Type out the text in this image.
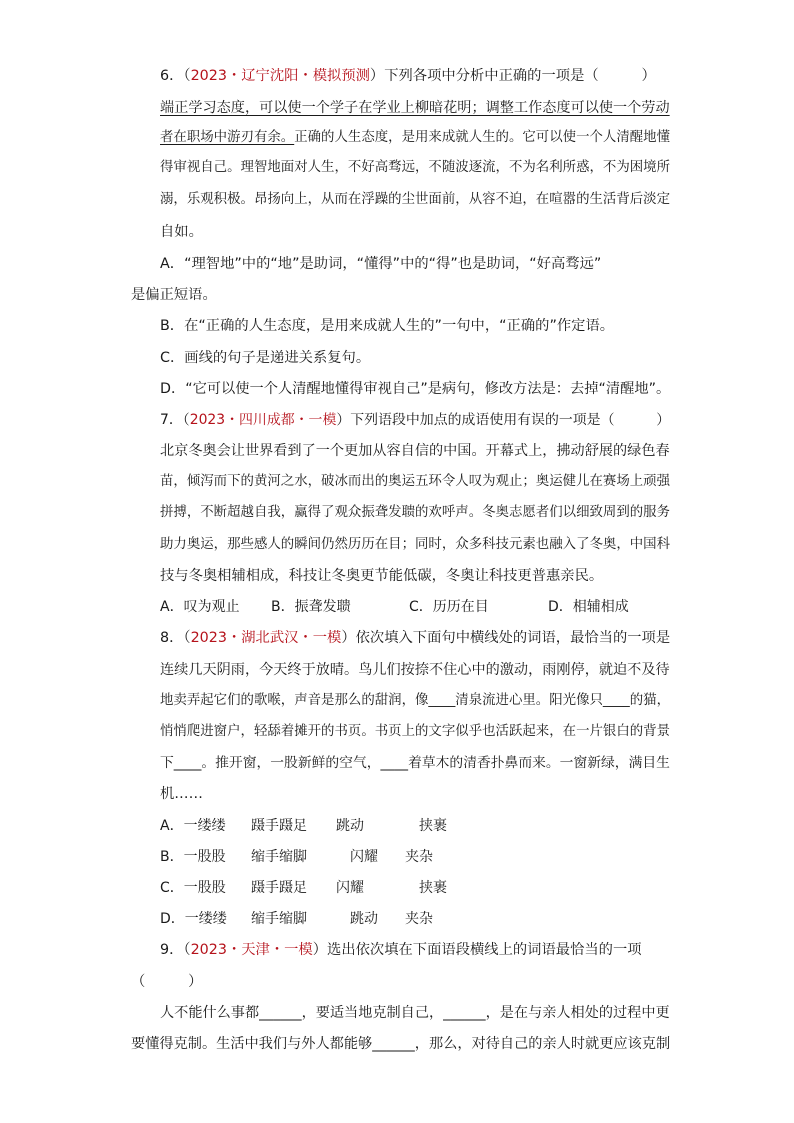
6．（2023・辽宁沈阳・模拟预测）下列各项中分析中正确的一项是（　　　）

端正学习态度，可以使一个学子在学业上柳暗花明；调整工作态度可以使一个劳动

者在职场中游刃有余。正确的人生态度，是用来成就人生的。它可以使一个人清醒地懂

得审视自己。理智地面对人生，不好高骛远，不随波逐流，不为名利所惑，不为困境所

溺，乐观积极。昂扬向上，从而在浮躁的尘世面前，从容不迫，在喧嚣的生活背后淡定

自如。

A．“理智地”中的“地”是助词，“懂得”中的“得”也是助词，“好高骛远”

是偏正短语。

B．在“正确的人生态度，是用来成就人生的”一句中，“正确的”作定语。

C．画线的句子是递进关系复句。

D．“它可以使一个人清醒地懂得审视自己”是病句，修改方法是：去掉“清醒地”。

7．（2023・四川成都・一模）下列语段中加点的成语使用有误的一项是（　　　）

北京冬奥会让世界看到了一个更加从容自信的中国。开幕式上，拂动舒展的绿色春

苗，倾泻而下的黄河之水，破冰而出的奥运五环令人叹为观止；奥运健儿在赛场上顽强

拼搏，不断超越自我，赢得了观众振聋发聩的欢呼声。冬奥志愿者们以细致周到的服务

助力奥运，那些感人的瞬间仍然历历在目；同时，众多科技元素也融入了冬奥，中国科

技与冬奥相辅相成，科技让冬奥更节能低碳，冬奥让科技更普惠亲民。

A．叹为观止 B．振聋发聩	C．历历在目	D．相辅相成

8．（2023・湖北武汉・一模）依次填入下面句中横线处的词语，最恰当的一项是

连续几天阴雨，今天终于放晴。鸟儿们按捺不住心中的激动，雨刚停，就迫不及待

地卖弄起它们的歌喉，声音是那么的甜润，像____清泉流进心里。阳光像只____的猫，

悄悄爬进窗户，轻舔着摊开的书页。书页上的文字似乎也活跃起来，在一片银白的背景

下____。推开窗，一股新鲜的空气，____着草木的清香扑鼻而来。一窗新绿，满目生

机……

A．一缕缕 蹑手蹑足 跳动	挟裹
B．一股股 缩手缩脚	闪耀 夹杂
C．一股股 蹑手蹑足 闪耀	挟裹
D．一缕缕 缩手缩脚	跳动 夹杂

9．（2023・天津・一模）选出依次填在下面语段横线上的词语最恰当的一项

（　　　）

人不能什么事都______，要适当地克制自己，______，是在与亲人相处的过程中更

要懂得克制。生活中我们与外人都能够______，那么，对待自己的亲人时就更应该克制
